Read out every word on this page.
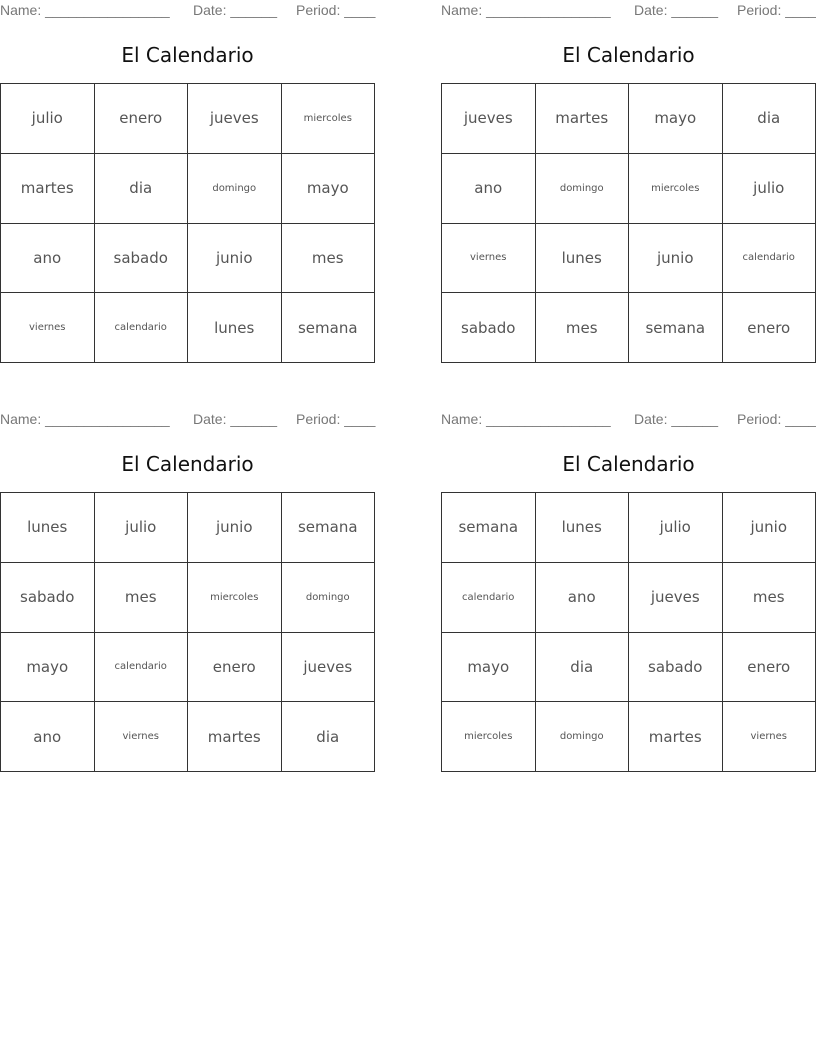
Name: ________________ Date: ______ Period: ____
El Calendario
julio	enero	jueves	miercoles
martes	dia	domingo	mayo
ano	sabado	junio	mes
viernes	calendario	lunes	semana
Name: ________________ Date: ______ Period: ____
El Calendario
jueves	martes	mayo	dia
ano	domingo	miercoles	julio
viernes	lunes	junio	calendario
sabado	mes	semana	enero
Name: ________________ Date: ______ Period: ____
El Calendario
lunes	julio	junio	semana
sabado	mes	miercoles	domingo
mayo	calendario	enero	jueves
ano	viernes	martes	dia
Name: ________________ Date: ______ Period: ____
El Calendario
semana	lunes	julio	junio
calendario	ano	jueves	mes
mayo	dia	sabado	enero
miercoles	domingo	martes	viernes
